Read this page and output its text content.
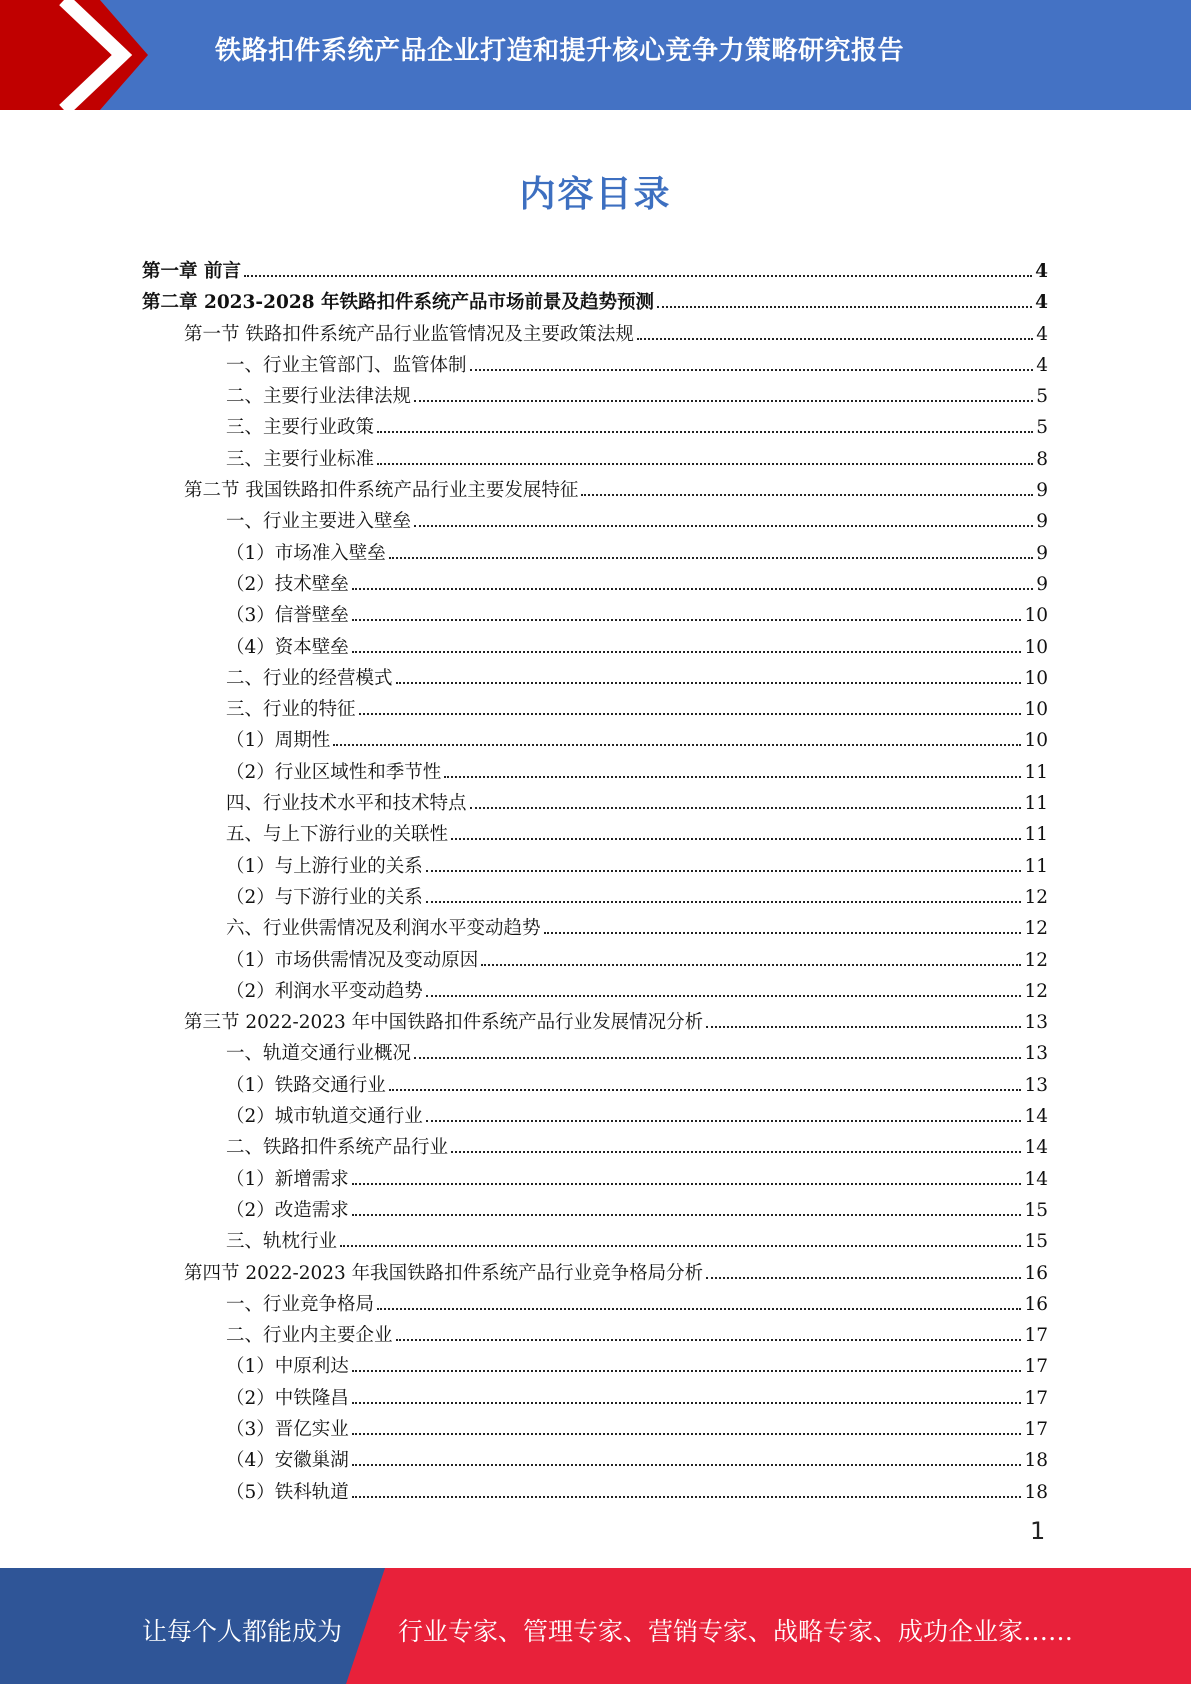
铁路扣件系统产品企业打造和提升核心竞争力策略研究报告
内容目录
第一章 前言	4
第二章 2023-2028 年铁路扣件系统产品市场前景及趋势预测	4
第一节 铁路扣件系统产品行业监管情况及主要政策法规	4
一、行业主管部门、监管体制	4
二、主要行业法律法规	5
三、主要行业政策	5
三、主要行业标准	8
第二节 我国铁路扣件系统产品行业主要发展特征	9
一、行业主要进入壁垒	9
（1）市场准入壁垒	9
（2）技术壁垒	9
（3）信誉壁垒	10
（4）资本壁垒	10
二、行业的经营模式	10
三、行业的特征	10
（1）周期性	10
（2）行业区域性和季节性	11
四、行业技术水平和技术特点	11
五、与上下游行业的关联性	11
（1）与上游行业的关系	11
（2）与下游行业的关系	12
六、行业供需情况及利润水平变动趋势	12
（1）市场供需情况及变动原因	12
（2）利润水平变动趋势	12
第三节 2022-2023 年中国铁路扣件系统产品行业发展情况分析	13
一、轨道交通行业概况	13
（1）铁路交通行业	13
（2）城市轨道交通行业	14
二、铁路扣件系统产品行业	14
（1）新增需求	14
（2）改造需求	15
三、轨枕行业	15
第四节 2022-2023 年我国铁路扣件系统产品行业竞争格局分析	16
一、行业竞争格局	16
二、行业内主要企业	17
（1）中原利达	17
（2）中铁隆昌	17
（3）晋亿实业	17
（4）安徽巢湖	18
（5）铁科轨道	18
1
让每个人都能成为 行业专家、管理专家、营销专家、战略专家、成功企业家……
